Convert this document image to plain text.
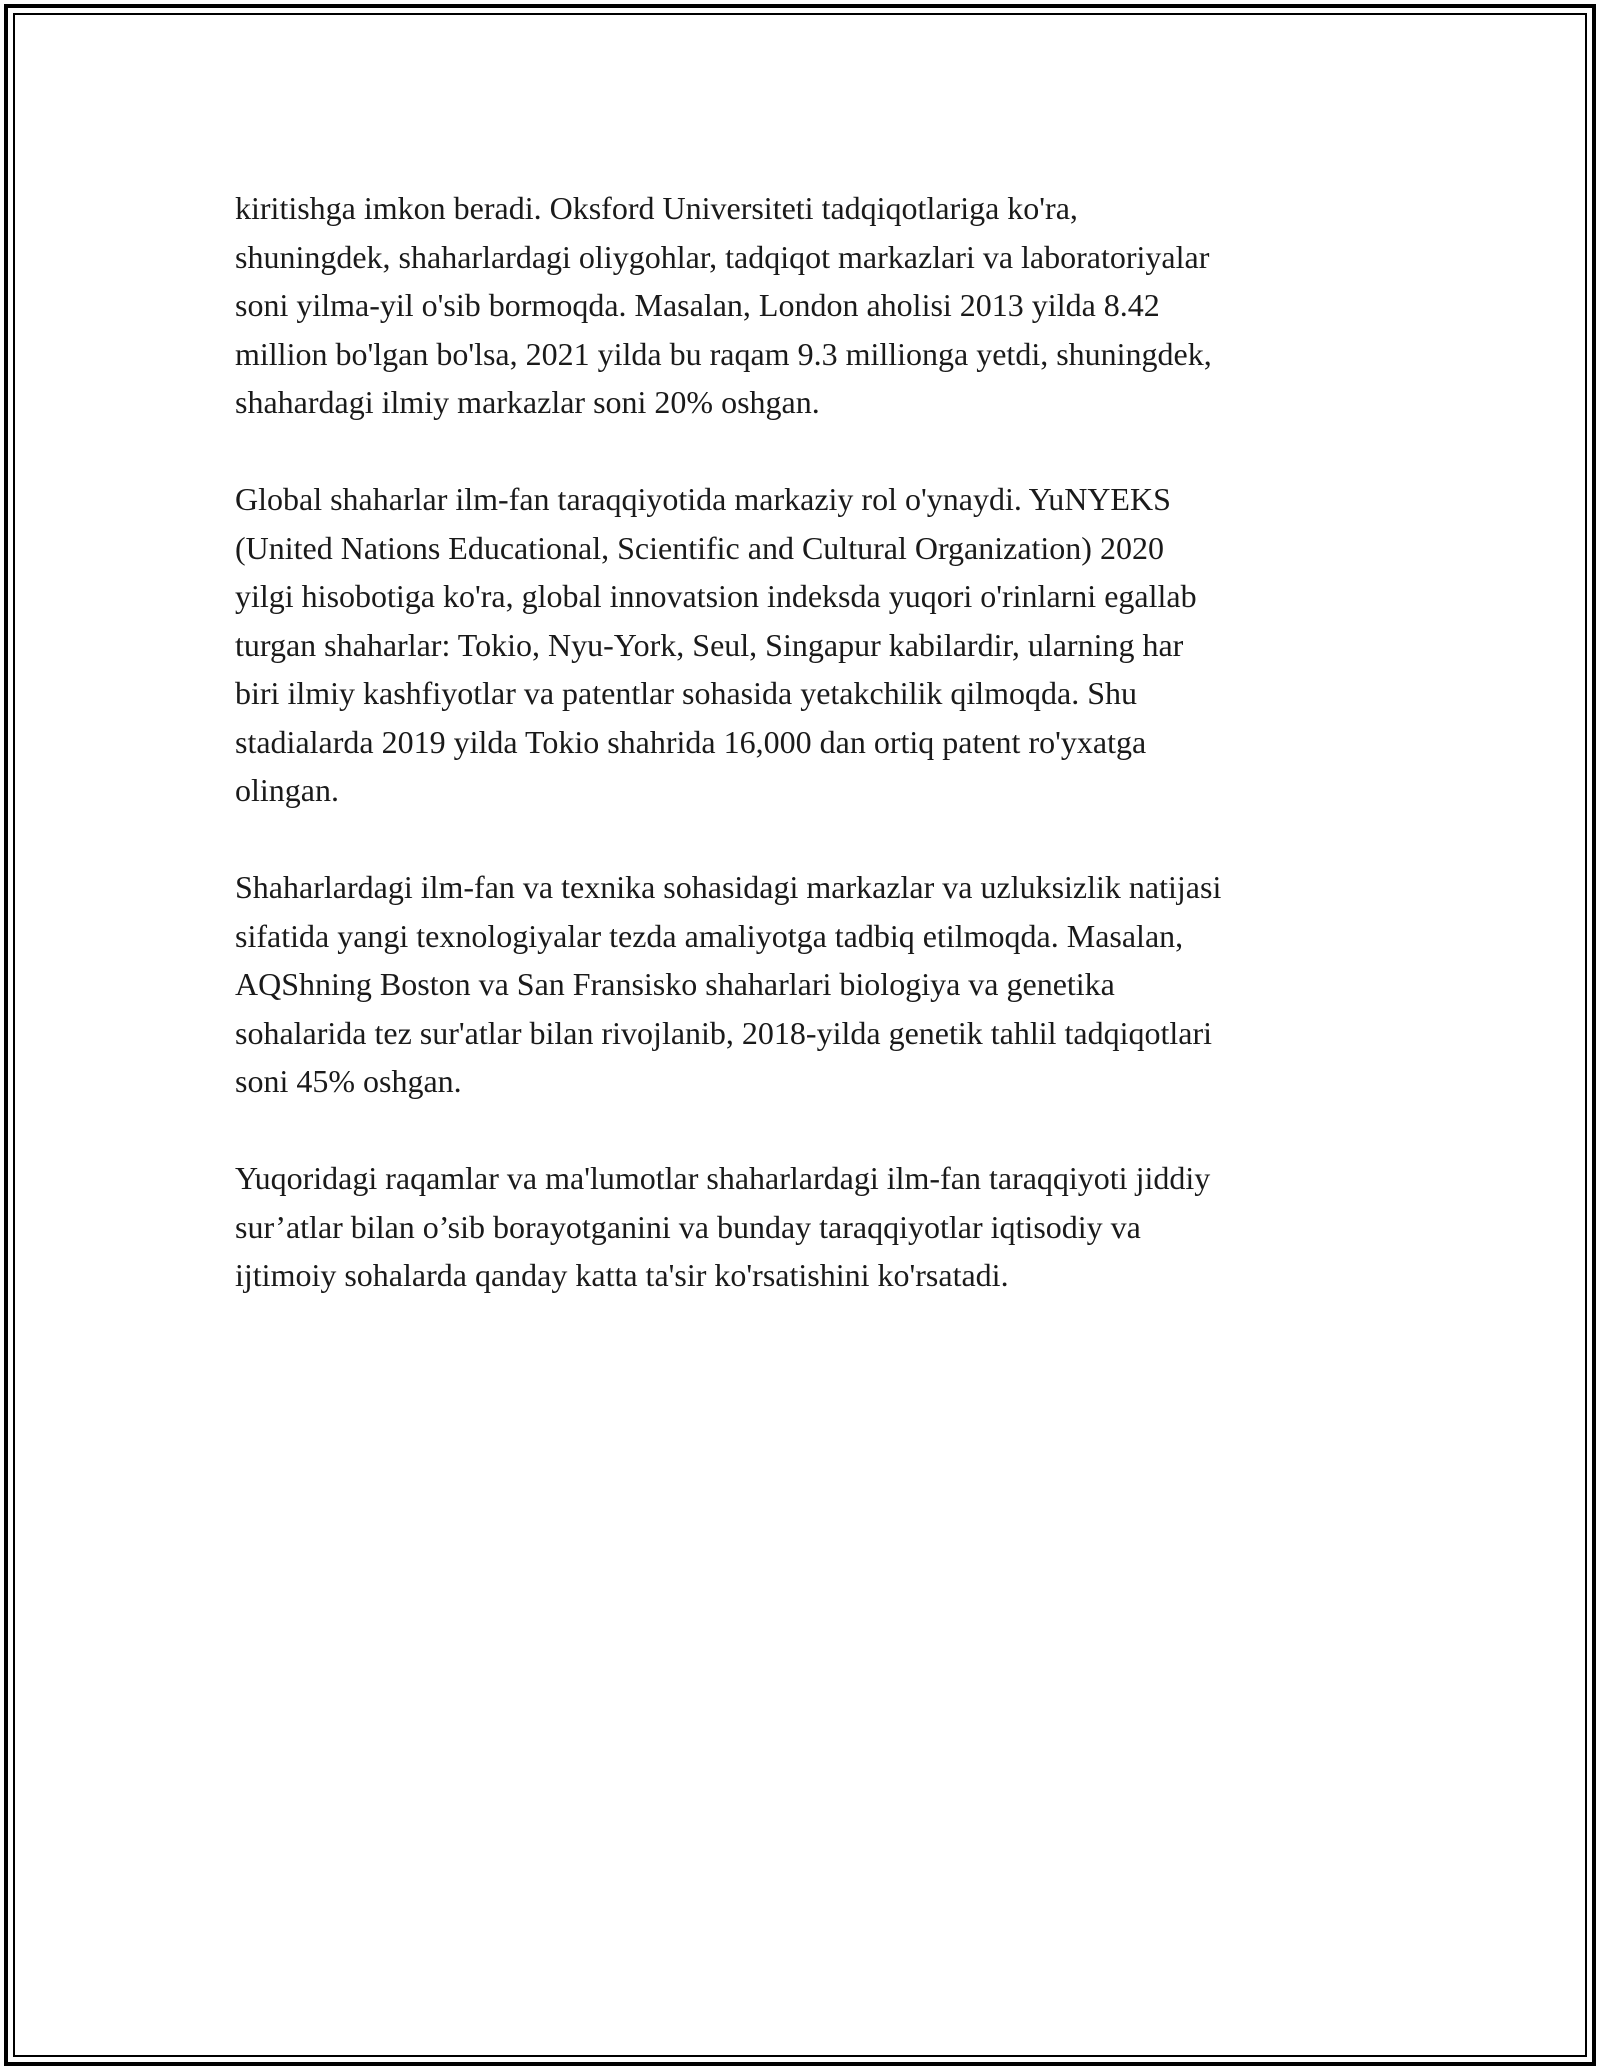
kiritishga imkon beradi. Oksford Universiteti tadqiqotlariga ko'ra,
shuningdek, shaharlardagi oliygohlar, tadqiqot markazlari va laboratoriyalar
soni yilma-yil o'sib bormoqda. Masalan, London aholisi 2013 yilda 8.42
million bo'lgan bo'lsa, 2021 yilda bu raqam 9.3 millionga yetdi, shuningdek,
shahardagi ilmiy markazlar soni 20% oshgan.

Global shaharlar ilm-fan taraqqiyotida markaziy rol o'ynaydi. YuNYEKS
(United Nations Educational, Scientific and Cultural Organization) 2020
yilgi hisobotiga ko'ra, global innovatsion indeksda yuqori o'rinlarni egallab
turgan shaharlar: Tokio, Nyu-York, Seul, Singapur kabilardir, ularning har
biri ilmiy kashfiyotlar va patentlar sohasida yetakchilik qilmoqda. Shu
stadialarda 2019 yilda Tokio shahrida 16,000 dan ortiq patent ro'yxatga
olingan.

Shaharlardagi ilm-fan va texnika sohasidagi markazlar va uzluksizlik natijasi
sifatida yangi texnologiyalar tezda amaliyotga tadbiq etilmoqda. Masalan,
AQShning Boston va San Fransisko shaharlari biologiya va genetika
sohalarida tez sur'atlar bilan rivojlanib, 2018-yilda genetik tahlil tadqiqotlari
soni 45% oshgan.

Yuqoridagi raqamlar va ma'lumotlar shaharlardagi ilm-fan taraqqiyoti jiddiy
sur’atlar bilan o’sib borayotganini va bunday taraqqiyotlar iqtisodiy va
ijtimoiy sohalarda qanday katta ta'sir ko'rsatishini ko'rsatadi.
